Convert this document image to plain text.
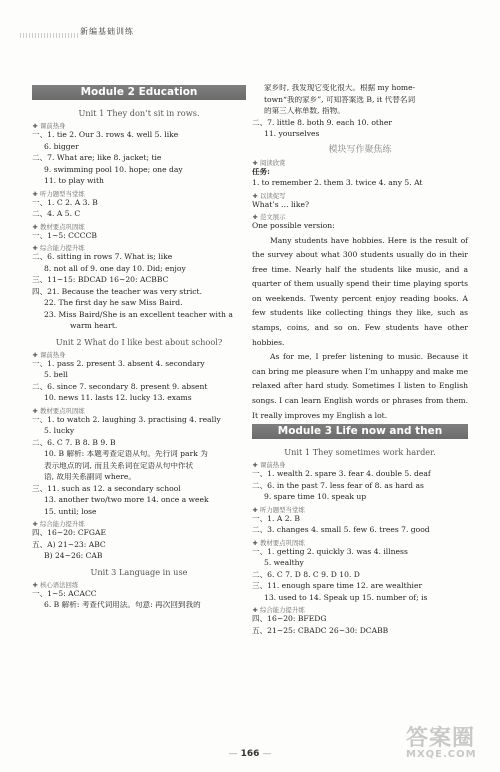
新编基础训练
Module 2 Education
Unit 1 They don’t sit in rows.
✚ 课前热身
一、1. tie 2. Our 3. rows 4. well 5. like
6. bigger
二、7. What are; like 8. jacket; tie
9. swimming pool 10. hope; one day
11. to play with
✚ 听力题型当堂练
一、1. C 2. A 3. B
二、4. A 5. C
✚ 教材要点巩固练
一、1~5: CCCCB
✚ 综合能力提升练
二、6. sitting in rows 7. What is; like
8. not all of 9. one day 10. Did; enjoy
三、11~15: BDCAD 16~20: ACBBC
四、21. Because the teacher was very strict.
22. The first day he saw Miss Baird.
23. Miss Baird/She is an excellent teacher with a
warm heart.
Unit 2 What do I like best about school?
✚ 课前热身
一、1. pass 2. present 3. absent 4. secondary
5. bell
二、6. since 7. secondary 8. present 9. absent
10. news 11. lasts 12. lucky 13. exams
✚ 教材要点巩固练
一、1. to watch 2. laughing 3. practising 4. really
5. lucky
二、6. C 7. B 8. B 9. B
10. B 解析: 本题考查定语从句。先行词 park 为
表示地点的词, 而且关系词在定语从句中作状
语, 故用关系副词 where。
三、11. such as 12. a secondary school
13. another two/two more 14. once a week
15. until; lose
✚ 综合能力提升练
四、16~20: CFGAE
五、A) 21~23: ABC
B) 24~26: CAB
Unit 3 Language in use
✚ 核心语法回练
一、1~5: ACACC
6. B 解析: 考查代词用法。句意: 再次回到我的
家乡时, 我发现它变化很大。根据 my home-
town“我的家乡”, 可知答案选 B, it 代替名词
的第三人称单数, 指物。
二、7. little 8. both 9. each 10. other
11. yourselves
模块写作聚焦练
✚ 阅读欣赏
任务:
1. to remember 2. them 3. twice 4. any 5. At
✚ 以读促写
What’s … like?
✚ 范文展示
One possible version:

Many students have hobbies. Here is the result of the survey about what 300 students usually do in their free time. Nearly half the students like music, and a quarter of them usually spend their time playing sports on weekends. Twenty percent enjoy reading books. A few students like collecting things they like, such as stamps, coins, and so on. Few students have other hobbies.

As for me, I prefer listening to music. Because it can bring me pleasure when I’m unhappy and make me relaxed after hard study. Sometimes I listen to English songs. I can learn English words or phrases from them. It really improves my English a lot.

Module 3 Life now and then
Unit 1 They sometimes work harder.
✚ 课前热身
一、1. wealth 2. spare 3. fear 4. double 5. deaf
二、6. in the past 7. less fear of 8. as hard as
9. spare time 10. speak up
✚ 听力题型当堂练
一、1. A 2. B
二、3. changes 4. small 5. few 6. trees 7. good
✚ 教材要点巩固练
一、1. getting 2. quickly 3. was 4. illness
5. wealthy
二、6. C 7. D 8. C 9. D 10. D
三、11. enough spare time 12. are wealthier
13. used to 14. Speak up 15. number of; is
✚ 综合能力提升练
四、16~20: BFEDG
五、21~25: CBADC 26~30: DCABB
— 166 —
答案圈
MXQE.COM
